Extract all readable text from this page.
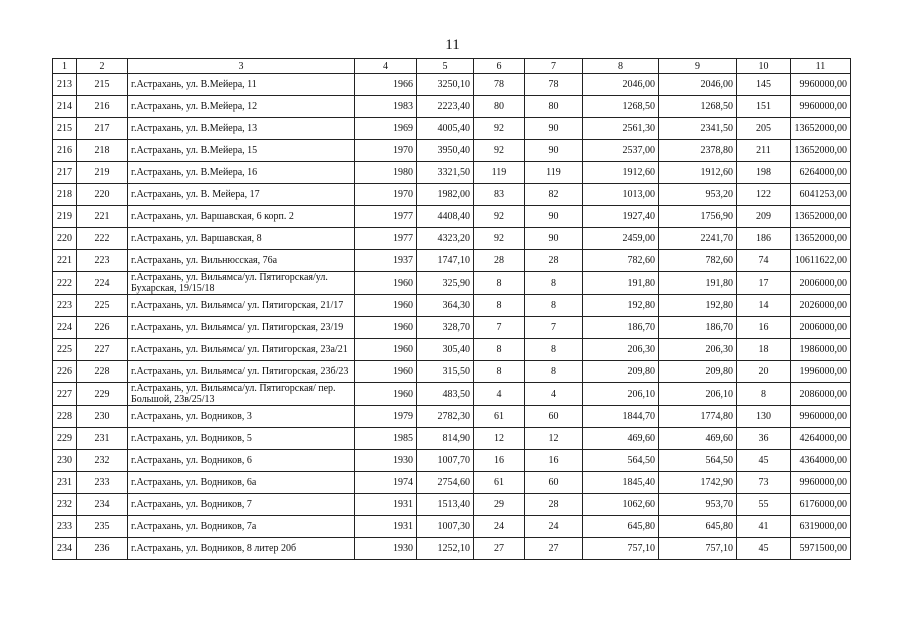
11
1	2	3	4	5	6	7	8	9	10	11
213	215	г.Астрахань, ул. В.Мейера, 11	1966	3250,10	78	78	2046,00	2046,00	145	9960000,00
214	216	г.Астрахань, ул. В.Мейера, 12	1983	2223,40	80	80	1268,50	1268,50	151	9960000,00
215	217	г.Астрахань, ул. В.Мейера, 13	1969	4005,40	92	90	2561,30	2341,50	205	13652000,00
216	218	г.Астрахань, ул. В.Мейера, 15	1970	3950,40	92	90	2537,00	2378,80	211	13652000,00
217	219	г.Астрахань, ул. В.Мейера, 16	1980	3321,50	119	119	1912,60	1912,60	198	6264000,00
218	220	г.Астрахань, ул. В. Мейера, 17	1970	1982,00	83	82	1013,00	953,20	122	6041253,00
219	221	г.Астрахань, ул. Варшавская, 6 корп. 2	1977	4408,40	92	90	1927,40	1756,90	209	13652000,00
220	222	г.Астрахань, ул. Варшавская, 8	1977	4323,20	92	90	2459,00	2241,70	186	13652000,00
221	223	г.Астрахань, ул. Вильнюсская, 76а	1937	1747,10	28	28	782,60	782,60	74	10611622,00
222	224	г.Астрахань, ул. Вильямса/ул. Пятигорская/ул. Бухарская, 19/15/18	1960	325,90	8	8	191,80	191,80	17	2006000,00
223	225	г.Астрахань, ул. Вильямса/ ул. Пятигорская, 21/17	1960	364,30	8	8	192,80	192,80	14	2026000,00
224	226	г.Астрахань, ул. Вильямса/ ул. Пятигорская, 23/19	1960	328,70	7	7	186,70	186,70	16	2006000,00
225	227	г.Астрахань, ул. Вильямса/ ул. Пятигорская, 23а/21	1960	305,40	8	8	206,30	206,30	18	1986000,00
226	228	г.Астрахань, ул. Вильямса/ ул. Пятигорская, 23б/23	1960	315,50	8	8	209,80	209,80	20	1996000,00
227	229	г.Астрахань, ул. Вильямса/ул. Пятигорская/ пер. Большой, 23в/25/13	1960	483,50	4	4	206,10	206,10	8	2086000,00
228	230	г.Астрахань, ул. Водников, 3	1979	2782,30	61	60	1844,70	1774,80	130	9960000,00
229	231	г.Астрахань, ул. Водников, 5	1985	814,90	12	12	469,60	469,60	36	4264000,00
230	232	г.Астрахань, ул. Водников, 6	1930	1007,70	16	16	564,50	564,50	45	4364000,00
231	233	г.Астрахань, ул. Водников, 6а	1974	2754,60	61	60	1845,40	1742,90	73	9960000,00
232	234	г.Астрахань, ул. Водников, 7	1931	1513,40	29	28	1062,60	953,70	55	6176000,00
233	235	г.Астрахань, ул. Водников, 7а	1931	1007,30	24	24	645,80	645,80	41	6319000,00
234	236	г.Астрахань, ул. Водников, 8 литер 20б	1930	1252,10	27	27	757,10	757,10	45	5971500,00
